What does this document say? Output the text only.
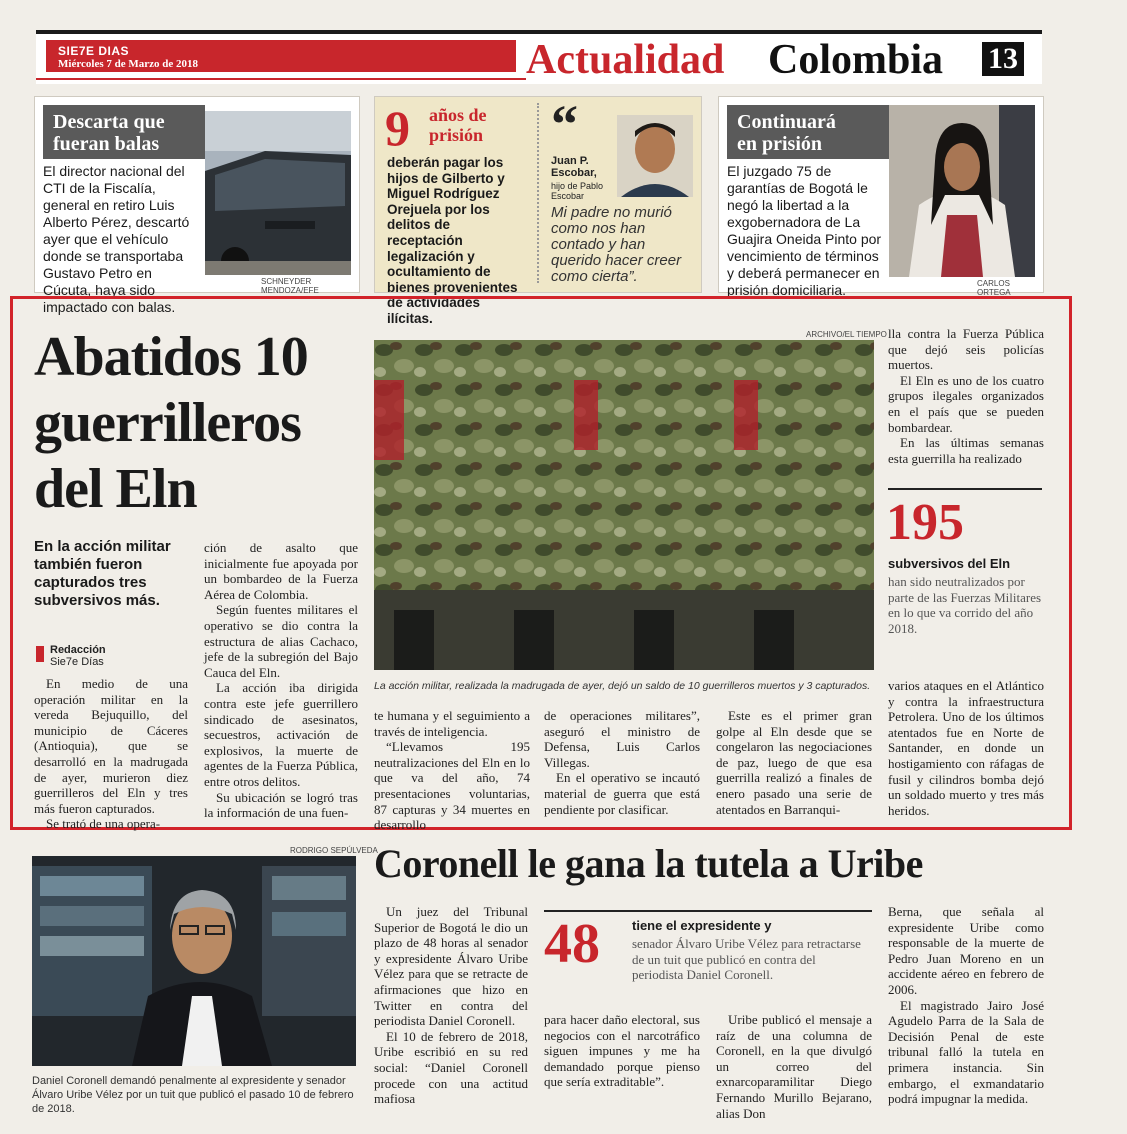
SIE7E DIAS
Miércoles 7 de Marzo de 2018	Actualidad Colombia 13
Descarta que
fueran balas
El director nacional del CTI de la Fiscalía, general en retiro Luis Alberto Pérez, descartó ayer que el vehículo donde se transportaba Gustavo Petro en Cúcuta, haya sido impactado con balas.
SCHNEYDER MENDOZA/EFE
9 años de
prisión
deberán pagar los hijos de Gilberto y Miguel Rodríguez Orejuela por los delitos de receptación legalización y ocultamiento de bienes provenientes de actividades ilícitas.
“
Juan P. Escobar,
hijo de Pablo Escobar
Mi padre no murió como nos han contado y han querido hacer creer como cierta”.
Continuará
en prisión
El juzgado 75 de garantías de Bogotá le negó la libertad a la exgobernadora de La Guajira Oneida Pinto por vencimiento de términos y deberá permanecer en prisión domiciliaria.	CARLOS ORTEGA
Abatidos 10
guerrilleros
del Eln
En la acción militar también fueron capturados tres subversivos más.
Redacción
Sie7e Días

En medio de una operación militar en la vereda Bejuquillo, del municipio de Cáceres (Antioquia), que se desarrolló en la madrugada de ayer, murieron diez guerrilleros del Eln y tres más fueron capturados.

Se trató de una opera-

ción de asalto que inicialmente fue apoyada por un bombardeo de la Fuerza Aérea de Colombia.

Según fuentes militares el operativo se dio contra la estructura de alias Cachaco, jefe de la subregión del Bajo Cauca del Eln.

La acción iba dirigida contra este jefe guerrillero sindicado de asesinatos, secuestros, activación de explosivos, la muerte de agentes de la Fuerza Pública, entre otros delitos.

Su ubicación se logró tras la información de una fuen-

ARCHIVO/EL TIEMPO
La acción militar, realizada la madrugada de ayer, dejó un saldo de 10 guerrilleros muertos y 3 capturados.

te humana y el seguimiento a través de inteligencia.

“Llevamos 195 neutralizaciones del Eln en lo que va del año, 74 presentaciones voluntarias, 87 capturas y 34 muertes en desarrollo

de operaciones militares”, aseguró el ministro de Defensa, Luis Carlos Villegas.

En el operativo se incautó material de guerra que está pendiente por clasificar.

Este es el primer gran golpe al Eln desde que se congelaron las negociaciones de paz, luego de que esa guerrilla realizó a finales de enero pasado una serie de atentados en Barranqui-

lla contra la Fuerza Pública que dejó seis policías muertos.

El Eln es uno de los cuatro grupos ilegales organizados en el país que se pueden bombardear.

En las últimas semanas esta guerrilla ha realizado

195
subversivos del Eln
han sido neutralizados por parte de las Fuerzas Militares en lo que va corrido del año 2018.

varios ataques en el Atlántico y contra la infraestructura Petrolera. Uno de los últimos atentados fue en Norte de Santander, en donde un hostigamiento con ráfagas de fusil y cilindros bomba dejó un soldado muerto y tres más heridos.

RODRIGO SEPÚLVEDA
Daniel Coronell demandó penalmente al expresidente y senador Álvaro Uribe Vélez por un tuit que publicó el pasado 10 de febrero de 2018.
Coronell le gana la tutela a Uribe

Un juez del Tribunal Superior de Bogotá le dio un plazo de 48 horas al senador y expresidente Álvaro Uribe Vélez para que se retracte de afirmaciones que hizo en Twitter en contra del periodista Daniel Coronell.

El 10 de febrero de 2018, Uribe escribió en su red social: “Daniel Coronell procede con una actitud mafiosa

48 tiene el expresidente y
senador Álvaro Uribe Vélez para retractarse de un tuit que publicó en contra del periodista Daniel Coronell.

para hacer daño electoral, sus negocios con el narcotráfico siguen impunes y me ha demandado porque pienso que sería extraditable”.

Uribe publicó el mensaje a raíz de una columna de Coronell, en la que divulgó un correo del exnarcoparamilitar Diego Fernando Murillo Bejarano, alias Don

Berna, que señala al expresidente Uribe como responsable de la muerte de Pedro Juan Moreno en un accidente aéreo en febrero de 2006.

El magistrado Jairo José Agudelo Parra de la Sala de Decisión Penal de este tribunal falló la tutela en primera instancia. Sin embargo, el exmandatario podrá impugnar la medida.
